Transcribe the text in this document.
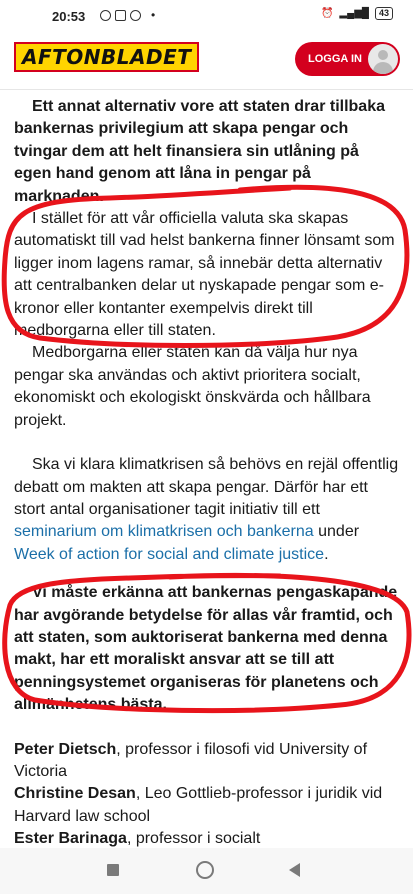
20:53	•	⏰ ▂▄▆█	43
AFTONBLADET	LOGGA IN

Ett annat alternativ vore att staten drar tillbaka bankernas privilegium att skapa pengar och tvingar dem att helt finansiera sin utlåning på egen hand genom att låna in pengar på marknaden.

I stället för att vår officiella valuta ska skapas automatiskt till vad helst bankerna finner lönsamt som ligger inom lagens ramar, så innebär detta alternativ att centralbanken delar ut nyskapade pengar som e-kronor eller kontanter exempelvis direkt till medborgarna eller till staten.

Medborgarna eller staten kan då välja hur nya pengar ska användas och aktivt prioritera socialt, ekonomiskt och ekologiskt önskvärda och hållbara projekt.

Ska vi klara klimatkrisen så behövs en rejäl offentlig debatt om makten att skapa pengar. Därför har ett stort antal organisationer tagit initiativ till ett seminarium om klimatkrisen och bankerna under Week of action for social and climate justice.

Vi måste erkänna att bankernas pengaskapande har avgörande betydelse för allas vår framtid, och att staten, som auktoriserat bankerna med denna makt, har ett moraliskt ansvar att se till att penningsystemet organiseras för planetens och allmänhetens bästa.

Peter Dietsch, professor i filosofi vid University of Victoria

Christine Desan, Leo Gottlieb-professor i juridik vid Harvard law school

Ester Barinaga, professor i socialt
